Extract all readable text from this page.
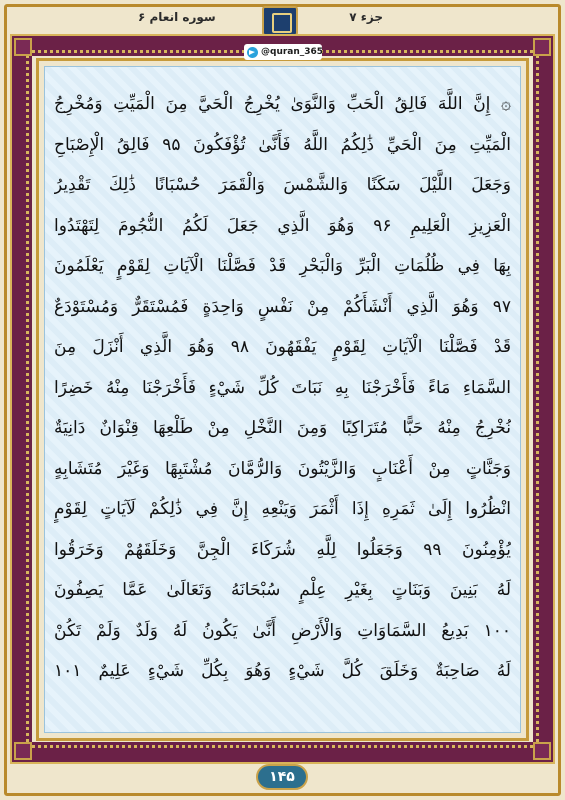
جزء ۷
سوره انعام ۶
@quran_365
۞ إِنَّ اللَّهَ فَالِقُ الْحَبِّ وَالنَّوَىٰ يُخْرِجُ الْحَيَّ مِنَ الْمَيِّتِ وَمُخْرِجُ
الْمَيِّتِ مِنَ الْحَيِّ ذَٰلِكُمُ اللَّهُ فَأَنَّىٰ تُؤْفَكُونَ ۹۵ فَالِقُ الْإِصْبَاحِ
وَجَعَلَ اللَّيْلَ سَكَنًا وَالشَّمْسَ وَالْقَمَرَ حُسْبَانًا ذَٰلِكَ تَقْدِيرُ
الْعَزِيزِ الْعَلِيمِ ۹۶ وَهُوَ الَّذِي جَعَلَ لَكُمُ النُّجُومَ لِتَهْتَدُوا
بِهَا فِي ظُلُمَاتِ الْبَرِّ وَالْبَحْرِ قَدْ فَصَّلْنَا الْآيَاتِ لِقَوْمٍ يَعْلَمُونَ
۹۷ وَهُوَ الَّذِي أَنْشَأَكُمْ مِنْ نَفْسٍ وَاحِدَةٍ فَمُسْتَقَرٌّ وَمُسْتَوْدَعٌ
قَدْ فَصَّلْنَا الْآيَاتِ لِقَوْمٍ يَفْقَهُونَ ۹۸ وَهُوَ الَّذِي أَنْزَلَ مِنَ
السَّمَاءِ مَاءً فَأَخْرَجْنَا بِهِ نَبَاتَ كُلِّ شَيْءٍ فَأَخْرَجْنَا مِنْهُ خَضِرًا
نُخْرِجُ مِنْهُ حَبًّا مُتَرَاكِبًا وَمِنَ النَّخْلِ مِنْ طَلْعِهَا قِنْوَانٌ دَانِيَةٌ
وَجَنَّاتٍ مِنْ أَعْنَابٍ وَالزَّيْتُونَ وَالرُّمَّانَ مُشْتَبِهًا وَغَيْرَ مُتَشَابِهٍ
انْظُرُوا إِلَىٰ ثَمَرِهِ إِذَا أَثْمَرَ وَيَنْعِهِ إِنَّ فِي ذَٰلِكُمْ لَآيَاتٍ لِقَوْمٍ
يُؤْمِنُونَ ۹۹ وَجَعَلُوا لِلَّهِ شُرَكَاءَ الْجِنَّ وَخَلَقَهُمْ وَخَرَقُوا
لَهُ بَنِينَ وَبَنَاتٍ بِغَيْرِ عِلْمٍ سُبْحَانَهُ وَتَعَالَىٰ عَمَّا يَصِفُونَ
۱۰۰ بَدِيعُ السَّمَاوَاتِ وَالْأَرْضِ أَنَّىٰ يَكُونُ لَهُ وَلَدٌ وَلَمْ تَكُنْ
لَهُ صَاحِبَةٌ وَخَلَقَ كُلَّ شَيْءٍ وَهُوَ بِكُلِّ شَيْءٍ عَلِيمٌ ۱۰۱
۱۴۵
